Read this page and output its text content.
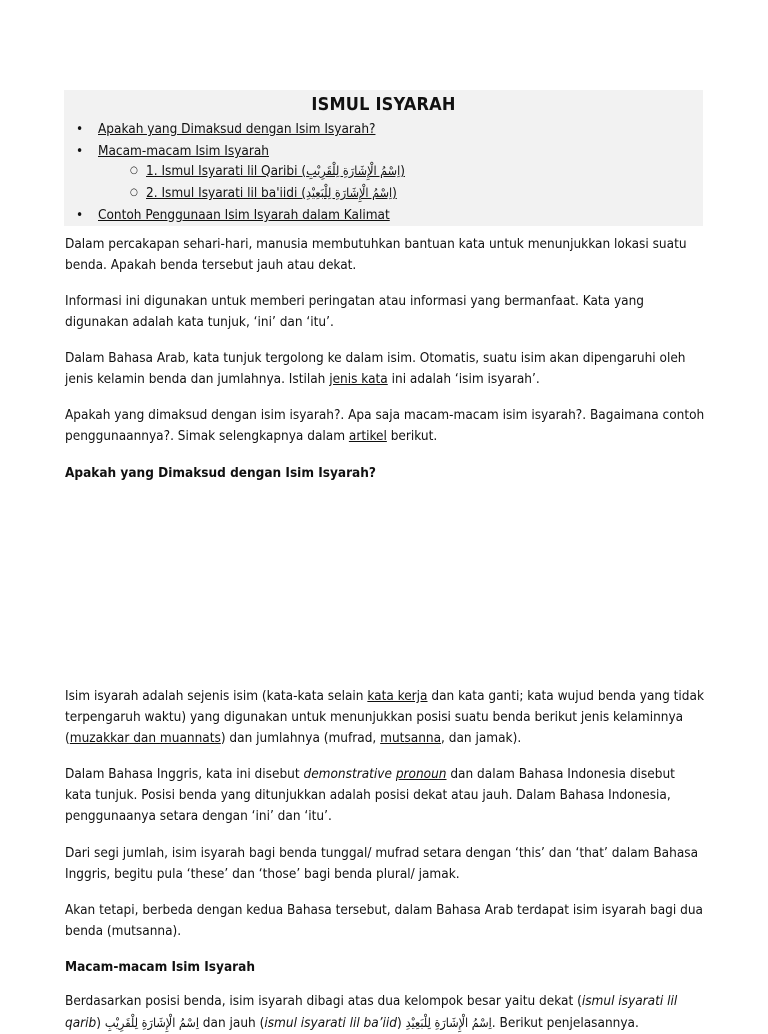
ISMUL ISYARAH
•	Apakah yang Dimaksud dengan Isim Isyarah?
•	Macam-macam Isim Isyarah
○ 1. Ismul Isyarati lil Qaribi (اِسْمُ الْإِشَارَةِ لِلْقَرِيْبِ)
○ 2. Ismul Isyarati lil ba'iidi (اِسْمُ الْإِشَارَةِ لِلْبَعِيْدِ)
•	Contoh Penggunaan Isim Isyarah dalam Kalimat

Dalam percakapan sehari-hari, manusia membutuhkan bantuan kata untuk menunjukkan lokasi suatu benda. Apakah benda tersebut jauh atau dekat.

Informasi ini digunakan untuk memberi peringatan atau informasi yang bermanfaat. Kata yang digunakan adalah kata tunjuk, ‘ini’ dan ‘itu’.

Dalam Bahasa Arab, kata tunjuk tergolong ke dalam isim. Otomatis, suatu isim akan dipengaruhi oleh jenis kelamin benda dan jumlahnya. Istilah jenis kata ini adalah ‘isim isyarah’.

Apakah yang dimaksud dengan isim isyarah?. Apa saja macam-macam isim isyarah?. Bagaimana contoh penggunaannya?. Simak selengkapnya dalam artikel berikut.

Apakah yang Dimaksud dengan Isim Isyarah?

Isim isyarah adalah sejenis isim (kata-kata selain kata kerja dan kata ganti; kata wujud benda yang tidak terpengaruh waktu) yang digunakan untuk menunjukkan posisi suatu benda berikut jenis kelaminnya (muzakkar dan muannats) dan jumlahnya (mufrad, mutsanna, dan jamak).

Dalam Bahasa Inggris, kata ini disebut demonstrative pronoun dan dalam Bahasa Indonesia disebut kata tunjuk. Posisi benda yang ditunjukkan adalah posisi dekat atau jauh. Dalam Bahasa Indonesia, penggunaanya setara dengan ‘ini’ dan ‘itu’.

Dari segi jumlah, isim isyarah bagi benda tunggal/ mufrad setara dengan ‘this’ dan ‘that’ dalam Bahasa Inggris, begitu pula ‘these’ dan ‘those’ bagi benda plural/ jamak.

Akan tetapi, berbeda dengan kedua Bahasa tersebut, dalam Bahasa Arab terdapat isim isyarah bagi dua benda (mutsanna).

Macam-macam Isim Isyarah

Berdasarkan posisi benda, isim isyarah dibagi atas dua kelompok besar yaitu dekat (ismul isyarati lil qarib) اِسْمُ الْإِشَارَةِ لِلْقَرِيْبِ dan jauh (ismul isyarati lil ba’iid) اِسْمُ الْإِشَارَةِ لِلْبَعِيْدِ. Berikut penjelasannya.
